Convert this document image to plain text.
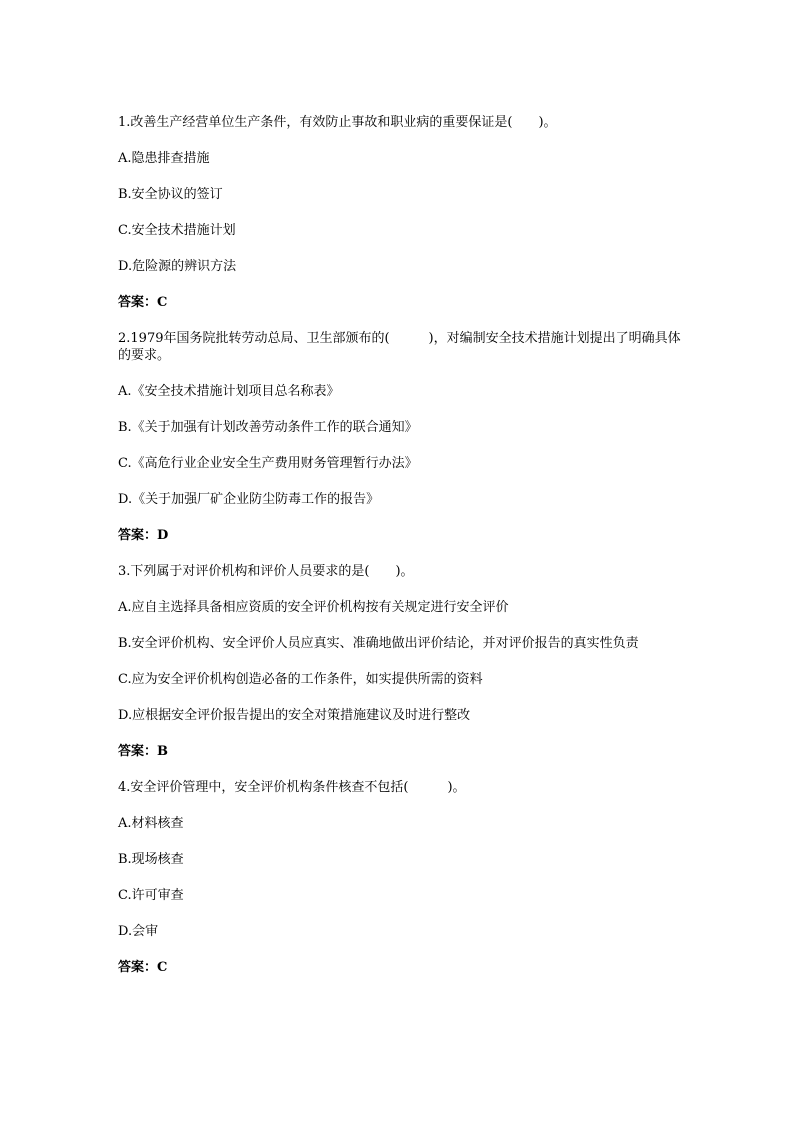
1.改善生产经营单位生产条件，有效防止事故和职业病的重要保证是(　　)。

A.隐患排查措施

B.安全协议的签订

C.安全技术措施计划

D.危险源的辨识方法

答案：C

2.1979年国务院批转劳动总局、卫生部颁布的(　　　)，对编制安全技术措施计划提出了明确具体的要求。

A.《安全技术措施计划项目总名称表》

B.《关于加强有计划改善劳动条件工作的联合通知》

C.《高危行业企业安全生产费用财务管理暂行办法》

D.《关于加强厂矿企业防尘防毒工作的报告》

答案：D

3.下列属于对评价机构和评价人员要求的是(　　)。

A.应自主选择具备相应资质的安全评价机构按有关规定进行安全评价

B.安全评价机构、安全评价人员应真实、准确地做出评价结论，并对评价报告的真实性负责

C.应为安全评价机构创造必备的工作条件，如实提供所需的资料

D.应根据安全评价报告提出的安全对策措施建议及时进行整改

答案：B

4.安全评价管理中，安全评价机构条件核查不包括(　　　)。

A.材料核查

B.现场核查

C.许可审查

D.会审

答案：C
